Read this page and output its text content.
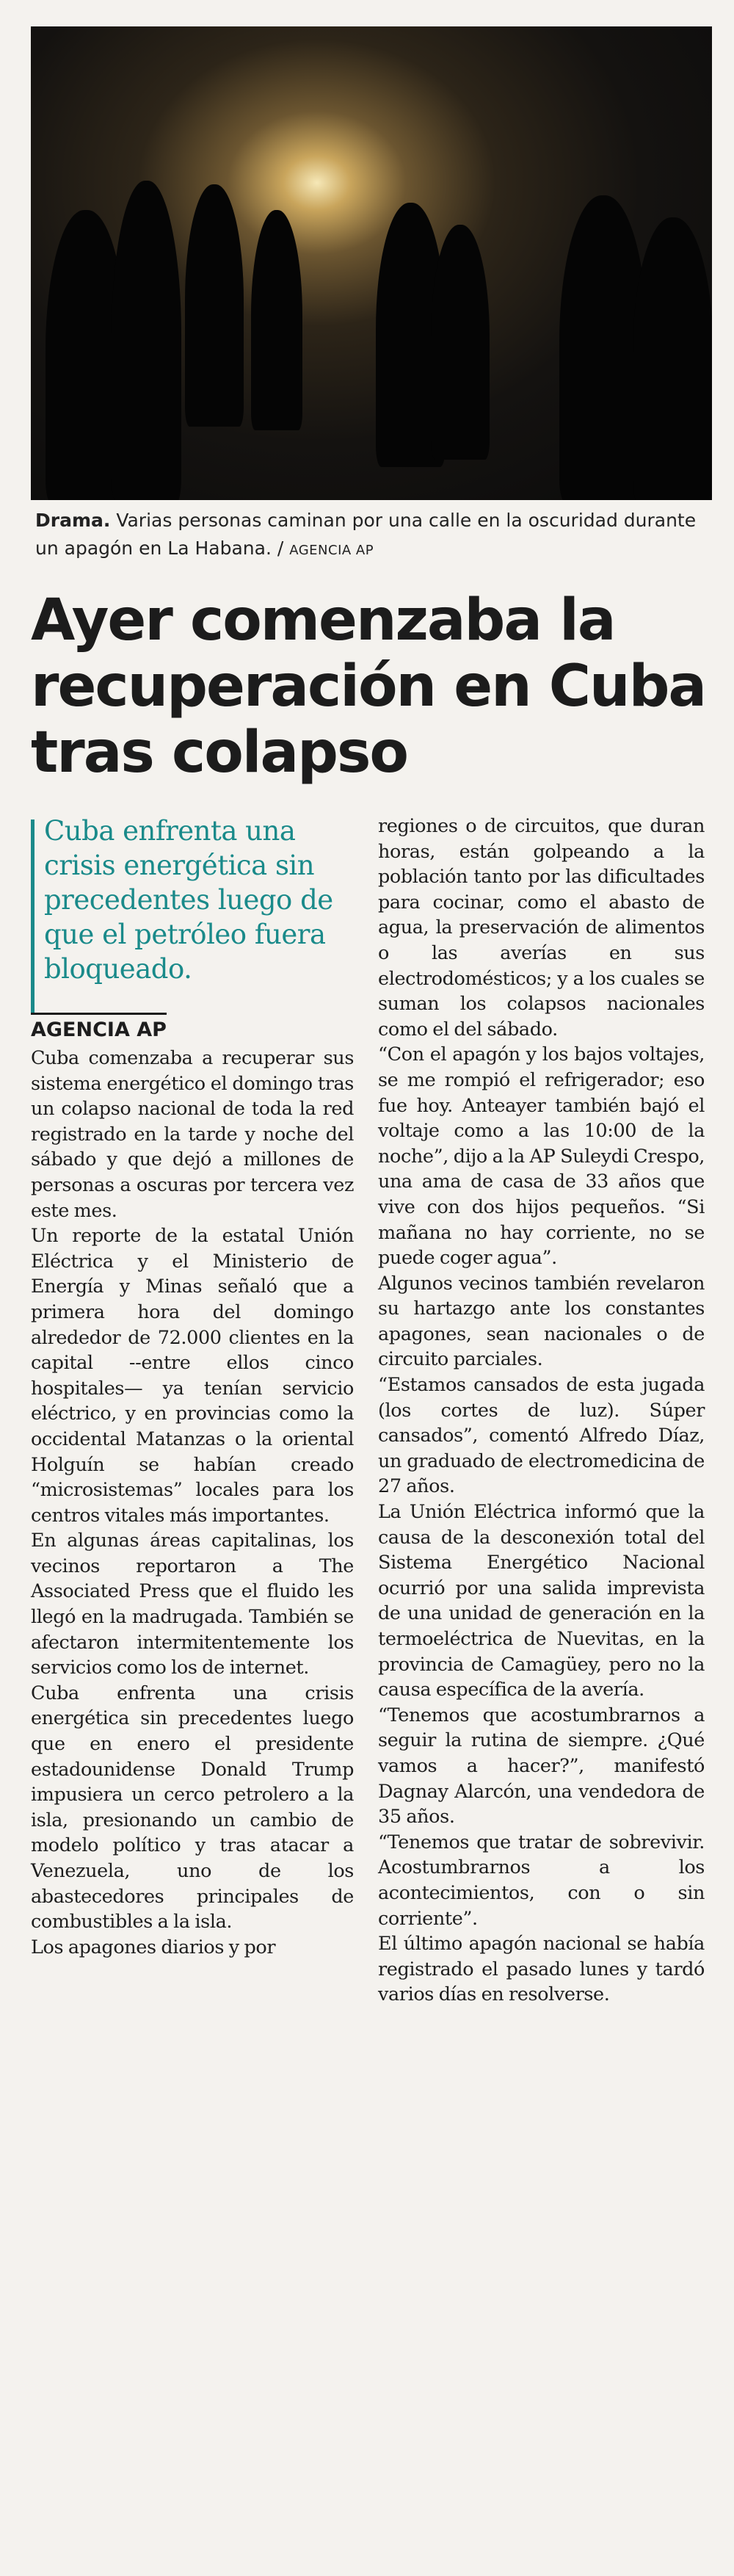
Drama. Varias personas caminan por una calle en la oscuridad durante un apagón en La Habana. / AGENCIA AP
Ayer comenzaba la recuperación en Cuba tras colapso

Cuba enfrenta una crisis energética sin precedentes luego de que el petróleo fuera bloqueado.

AGENCIA AP

Cuba comenzaba a recuperar sus sistema energético el domingo tras un colapso nacional de toda la red registrado en la tarde y noche del sábado y que dejó a millones de personas a oscuras por tercera vez este mes.

Un reporte de la estatal Unión Eléctrica y el Ministerio de Energía y Minas señaló que a primera hora del domingo alrededor de 72.000 clientes en la capital --entre ellos cinco hospitales— ya tenían servicio eléctrico, y en provincias como la occidental Matanzas o la oriental Holguín se habían creado “microsistemas” locales para los centros vitales más importantes.

En algunas áreas capitalinas, los vecinos reportaron a The Associated Press que el fluido les llegó en la madrugada. También se afectaron intermitentemente los servicios como los de internet.

Cuba enfrenta una crisis energética sin precedentes luego que en enero el presidente estadounidense Donald Trump impusiera un cerco petrolero a la isla, presionando un cambio de modelo político y tras atacar a Venezuela, uno de los abastecedores principales de combustibles a la isla.

Los apagones diarios y por

regiones o de circuitos, que duran horas, están golpeando a la población tanto por las dificultades para cocinar, como el abasto de agua, la preservación de alimentos o las averías en sus electrodomésticos; y a los cuales se suman los colapsos nacionales como el del sábado.

“Con el apagón y los bajos voltajes, se me rompió el refrigerador; eso fue hoy. Anteayer también bajó el voltaje como a las 10:00 de la noche”, dijo a la AP Suleydi Crespo, una ama de casa de 33 años que vive con dos hijos pequeños. “Si mañana no hay corriente, no se puede coger agua”.

Algunos vecinos también revelaron su hartazgo ante los constantes apagones, sean nacionales o de circuito parciales.

“Estamos cansados de esta jugada (los cortes de luz). Súper cansados”, comentó Alfredo Díaz, un graduado de electromedicina de 27 años.

La Unión Eléctrica informó que la causa de la desconexión total del Sistema Energético Nacional ocurrió por una salida imprevista de una unidad de generación en la termoeléctrica de Nuevitas, en la provincia de Camagüey, pero no la causa específica de la avería.

“Tenemos que acostumbrarnos a seguir la rutina de siempre. ¿Qué vamos a hacer?”, manifestó Dagnay Alarcón, una vendedora de 35 años.

“Tenemos que tratar de sobrevivir. Acostumbrarnos a los acontecimientos, con o sin corriente”.

El último apagón nacional se había registrado el pasado lunes y tardó varios días en resolverse.
